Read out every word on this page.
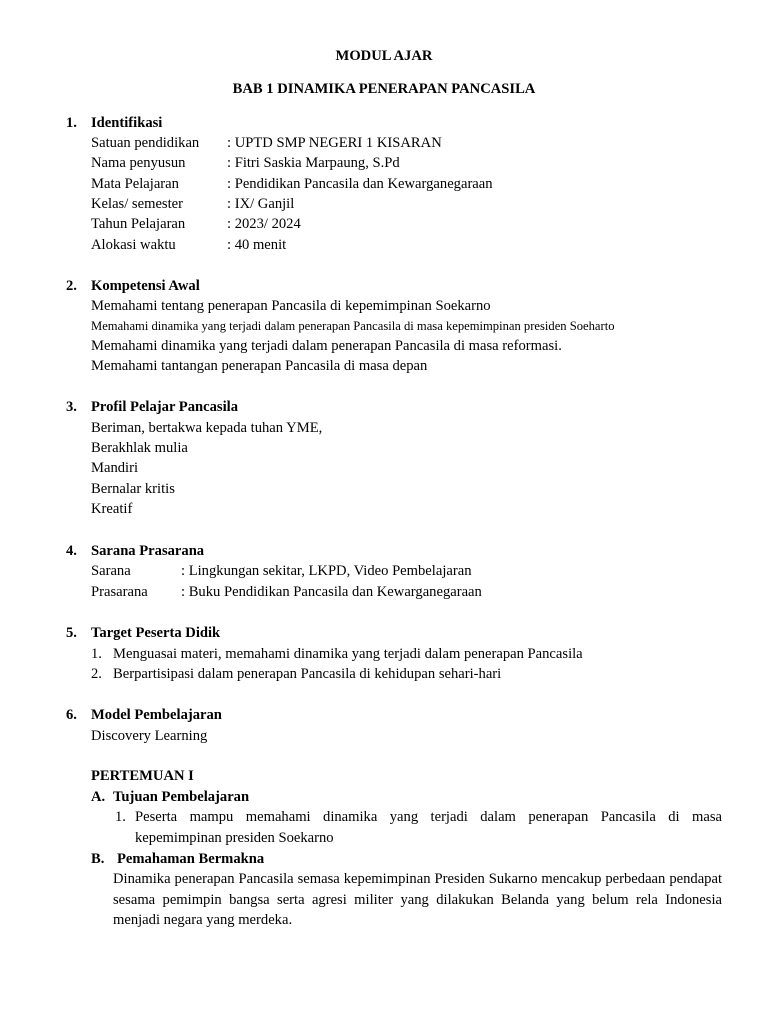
MODUL AJAR
BAB 1 DINAMIKA PENERAPAN PANCASILA
1. Identifikasi
Satuan pendidikan : UPTD SMP NEGERI 1 KISARAN
Nama penyusun	: Fitri Saskia Marpaung, S.Pd
Mata Pelajaran	: Pendidikan Pancasila dan Kewarganegaraan
Kelas/ semester	: IX/ Ganjil
Tahun Pelajaran	: 2023/ 2024
Alokasi waktu	: 40 menit
2. Kompetensi Awal
Memahami tentang penerapan Pancasila di kepemimpinan Soekarno
Memahami dinamika yang terjadi dalam penerapan Pancasila di masa kepemimpinan presiden Soeharto
Memahami dinamika yang terjadi dalam penerapan Pancasila di masa reformasi.
Memahami tantangan penerapan Pancasila di masa depan
3. Profil Pelajar Pancasila
Beriman, bertakwa kepada tuhan YME,
Berakhlak mulia
Mandiri
Bernalar kritis
Kreatif
4. Sarana Prasarana
Sarana	: Lingkungan sekitar, LKPD, Video Pembelajaran
Prasarana : Buku Pendidikan Pancasila dan Kewarganegaraan
5. Target Peserta Didik
1. Menguasai materi, memahami dinamika yang terjadi dalam penerapan Pancasila
2. Berpartisipasi dalam penerapan Pancasila di kehidupan sehari-hari
6. Model Pembelajaran
Discovery Learning
PERTEMUAN I
A. Tujuan Pembelajaran
1. Peserta mampu memahami dinamika yang terjadi dalam penerapan Pancasila di masa kepemimpinan presiden Soekarno
B. Pemahaman Bermakna
Dinamika penerapan Pancasila semasa kepemimpinan Presiden Sukarno mencakup perbedaan pendapat sesama pemimpin bangsa serta agresi militer yang dilakukan Belanda yang belum rela Indonesia menjadi negara yang merdeka.
